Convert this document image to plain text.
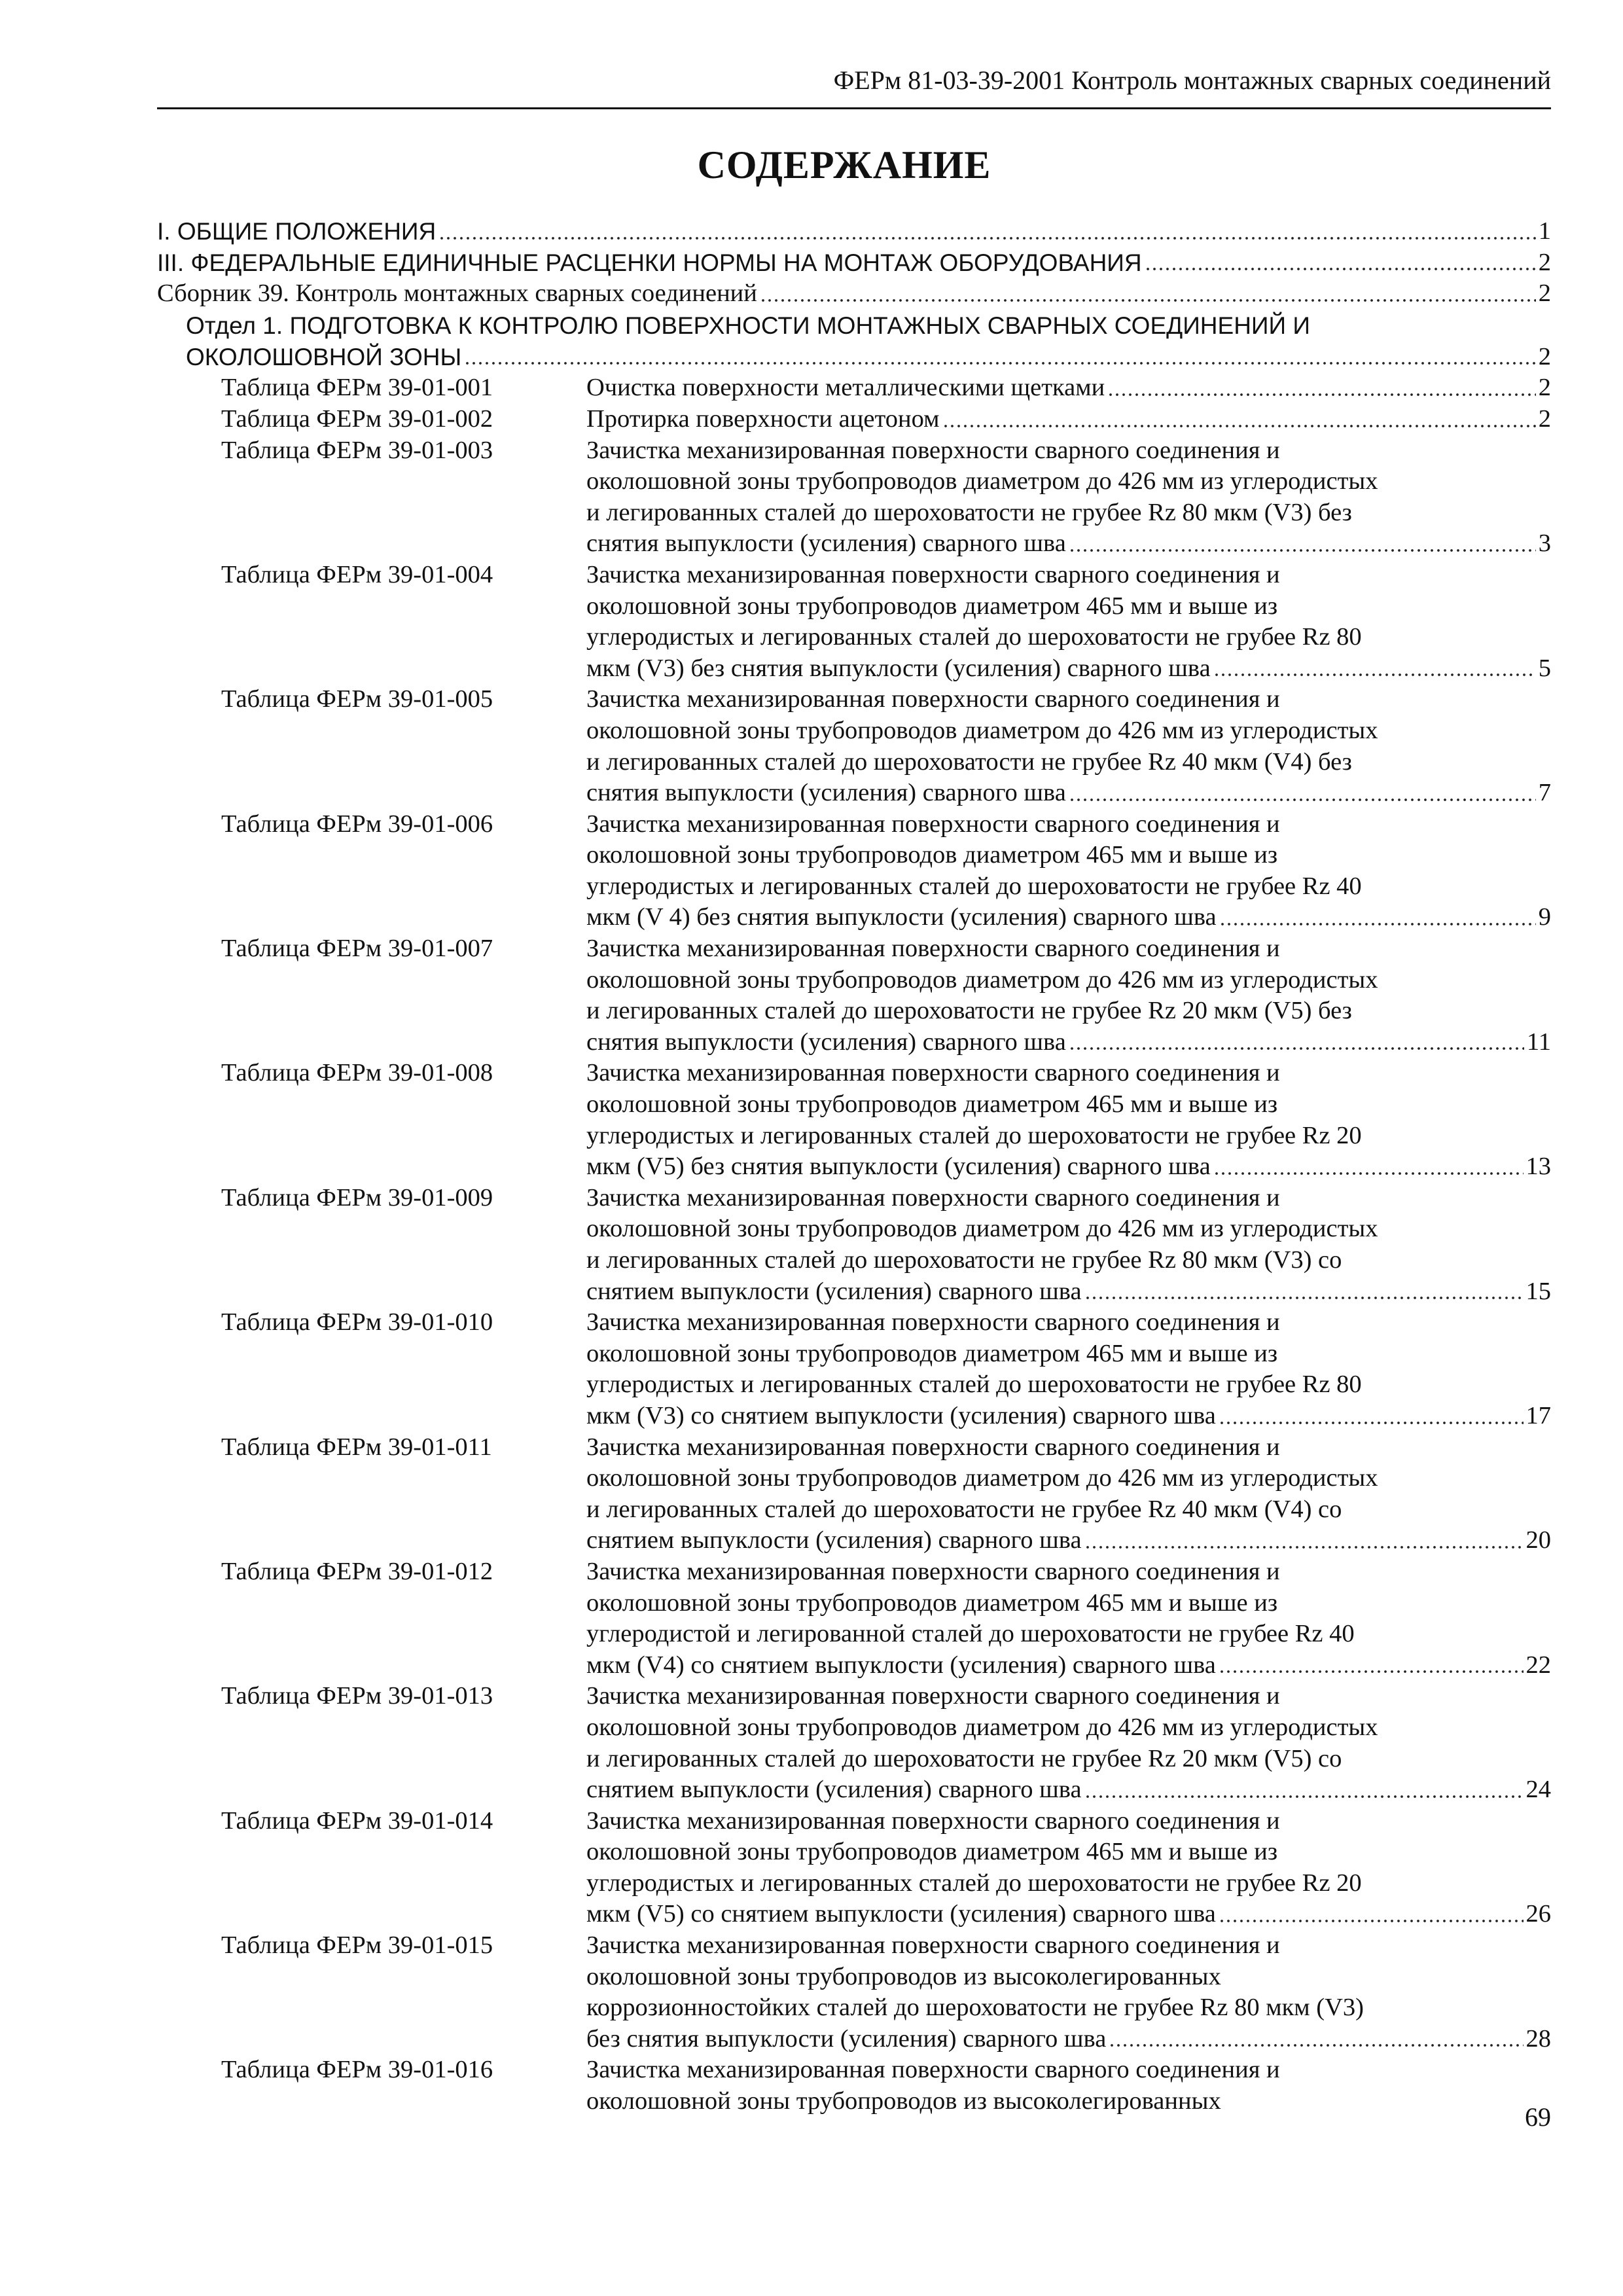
ФЕРм 81-03-39-2001 Контроль монтажных сварных соединений
СОДЕРЖАНИЕ
I. ОБЩИЕ ПОЛОЖЕНИЯ	1
III. ФЕДЕРАЛЬНЫЕ ЕДИНИЧНЫЕ РАСЦЕНКИ НОРМЫ НА МОНТАЖ ОБОРУДОВАНИЯ	2
Сборник 39. Контроль монтажных сварных соединений	2
Отдел 1. ПОДГОТОВКА К КОНТРОЛЮ ПОВЕРХНОСТИ МОНТАЖНЫХ СВАРНЫХ СОЕДИНЕНИЙ И
ОКОЛОШОВНОЙ ЗОНЫ	2
Таблица ФЕРм 39-01-001	Очистка поверхности металлическими щетками	2
Таблица ФЕРм 39-01-002	Протирка поверхности ацетоном	2
Таблица ФЕРм 39-01-003	Зачистка механизированная поверхности сварного соединения и
околошовной зоны трубопроводов диаметром до 426 мм из углеродистых
и легированных сталей до шероховатости не грубее Rz 80 мкм (V3) без
снятия выпуклости (усиления) сварного шва	3
Таблица ФЕРм 39-01-004	Зачистка механизированная поверхности сварного соединения и
околошовной зоны трубопроводов диаметром 465 мм и выше из
углеродистых и легированных сталей до шероховатости не грубее Rz 80
мкм (V3) без снятия выпуклости (усиления) сварного шва	5
Таблица ФЕРм 39-01-005	Зачистка механизированная поверхности сварного соединения и
околошовной зоны трубопроводов диаметром до 426 мм из углеродистых
и легированных сталей до шероховатости не грубее Rz 40 мкм (V4) без
снятия выпуклости (усиления) сварного шва	7
Таблица ФЕРм 39-01-006	Зачистка механизированная поверхности сварного соединения и
околошовной зоны трубопроводов диаметром 465 мм и выше из
углеродистых и легированных сталей до шероховатости не грубее Rz 40
мкм (V 4) без снятия выпуклости (усиления) сварного шва	9
Таблица ФЕРм 39-01-007	Зачистка механизированная поверхности сварного соединения и
околошовной зоны трубопроводов диаметром до 426 мм из углеродистых
и легированных сталей до шероховатости не грубее Rz 20 мкм (V5) без
снятия выпуклости (усиления) сварного шва	11
Таблица ФЕРм 39-01-008	Зачистка механизированная поверхности сварного соединения и
околошовной зоны трубопроводов диаметром 465 мм и выше из
углеродистых и легированных сталей до шероховатости не грубее Rz 20
мкм (V5) без снятия выпуклости (усиления) сварного шва	13
Таблица ФЕРм 39-01-009	Зачистка механизированная поверхности сварного соединения и
околошовной зоны трубопроводов диаметром до 426 мм из углеродистых
и легированных сталей до шероховатости не грубее Rz 80 мкм (V3) со
снятием выпуклости (усиления) сварного шва	15
Таблица ФЕРм 39-01-010	Зачистка механизированная поверхности сварного соединения и
околошовной зоны трубопроводов диаметром 465 мм и выше из
углеродистых и легированных сталей до шероховатости не грубее Rz 80
мкм (V3) со снятием выпуклости (усиления) сварного шва	17
Таблица ФЕРм 39-01-011	Зачистка механизированная поверхности сварного соединения и
околошовной зоны трубопроводов диаметром до 426 мм из углеродистых
и легированных сталей до шероховатости не грубее Rz 40 мкм (V4) со
снятием выпуклости (усиления) сварного шва	20
Таблица ФЕРм 39-01-012	Зачистка механизированная поверхности сварного соединения и
околошовной зоны трубопроводов диаметром 465 мм и выше из
углеродистой и легированной сталей до шероховатости не грубее Rz 40
мкм (V4) со снятием выпуклости (усиления) сварного шва	22
Таблица ФЕРм 39-01-013	Зачистка механизированная поверхности сварного соединения и
околошовной зоны трубопроводов диаметром до 426 мм из углеродистых
и легированных сталей до шероховатости не грубее Rz 20 мкм (V5) со
снятием выпуклости (усиления) сварного шва	24
Таблица ФЕРм 39-01-014	Зачистка механизированная поверхности сварного соединения и
околошовной зоны трубопроводов диаметром 465 мм и выше из
углеродистых и легированных сталей до шероховатости не грубее Rz 20
мкм (V5) со снятием выпуклости (усиления) сварного шва	26
Таблица ФЕРм 39-01-015	Зачистка механизированная поверхности сварного соединения и
околошовной зоны трубопроводов из высоколегированных
коррозионностойких сталей до шероховатости не грубее Rz 80 мкм (V3)
без снятия выпуклости (усиления) сварного шва	28
Таблица ФЕРм 39-01-016	Зачистка механизированная поверхности сварного соединения и
околошовной зоны трубопроводов из высоколегированных
69
